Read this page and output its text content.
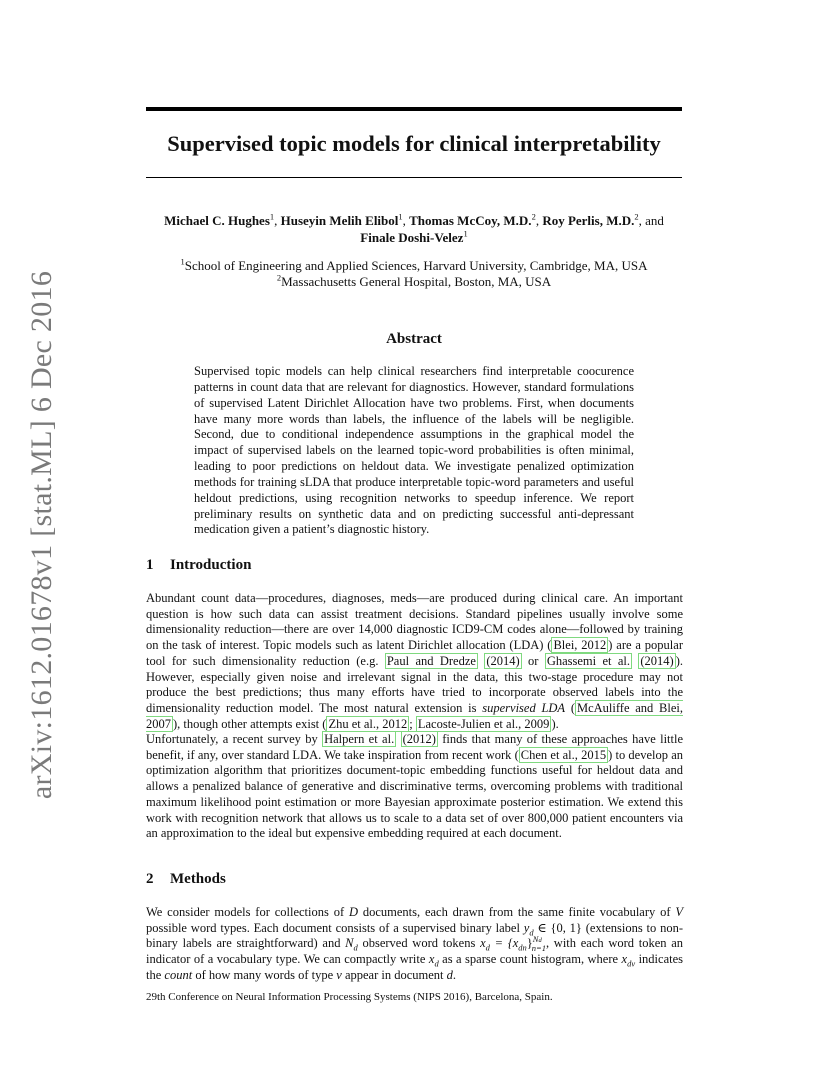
arXiv:1612.01678v1 [stat.ML] 6 Dec 2016
Supervised topic models for clinical interpretability
Michael C. Hughes$^1$, Huseyin Melih Elibol$^1$, Thomas McCoy, M.D.$^2$, Roy Perlis, M.D.$^2$, and
Finale Doshi-Velez$^1$
$^1$School of Engineering and Applied Sciences, Harvard University, Cambridge, MA, USA
$^2$Massachusetts General Hospital, Boston, MA, USA
Abstract
Supervised topic models can help clinical researchers find interpretable coocurence patterns in count data that are relevant for diagnostics. However, standard formulations of supervised Latent Dirichlet Allocation have two problems. First, when documents have many more words than labels, the influence of the labels will be negligible. Second, due to conditional independence assumptions in the graphical model the impact of supervised labels on the learned topic-word probabilities is often minimal, leading to poor predictions on heldout data. We investigate penalized optimization methods for training sLDA that produce interpretable topic-word parameters and useful heldout predictions, using recognition networks to speedup inference. We report preliminary results on synthetic data and on predicting successful anti-depressant medication given a patient’s diagnostic history.
1 Introduction

Abundant count data—procedures, diagnoses, meds—are produced during clinical care. An important question is how such data can assist treatment decisions. Standard pipelines usually involve some dimensionality reduction—there are over 14,000 diagnostic ICD9-CM codes alone—followed by training on the task of interest. Topic models such as latent Dirichlet allocation (LDA) ( Blei, 2012 ) are a popular tool for such dimensionality reduction (e.g. Paul and Dredze (2014) or Ghassemi et al. (2014) ). However, especially given noise and irrelevant signal in the data, this two-stage procedure may not produce the best predictions; thus many efforts have tried to incorporate observed labels into the dimensionality reduction model. The most natural extension is supervised LDA ( McAuliffe and Blei, 2007 ), though other attempts exist ( Zhu et al., 2012 ; Lacoste-Julien et al., 2009 ).

Unfortunately, a recent survey by Halpern et al. (2012) finds that many of these approaches have little benefit, if any, over standard LDA. We take inspiration from recent work ( Chen et al., 2015 ) to develop an optimization algorithm that prioritizes document-topic embedding functions useful for heldout data and allows a penalized balance of generative and discriminative terms, overcoming problems with traditional maximum likelihood point estimation or more Bayesian approximate posterior estimation. We extend this work with recognition network that allows us to scale to a data set of over 800,000 patient encounters via an approximation to the ideal but expensive embedding required at each document.

2 Methods

We consider models for collections of D documents, each drawn from the same finite vocabulary of V possible word types. Each document consists of a supervised binary label $y_d$ ∈ {0, 1} (extensions to non-binary labels are straightforward) and $N_d$ observed word tokens $x_d = \{x_{dn}\}^{Nd}_{n=1}$, with each word token an indicator of a vocabulary type. We can compactly write $x_d$ as a sparse count histogram, where $x_{dv}$ indicates the count of how many words of type v appear in document d.

29th Conference on Neural Information Processing Systems (NIPS 2016), Barcelona, Spain.
